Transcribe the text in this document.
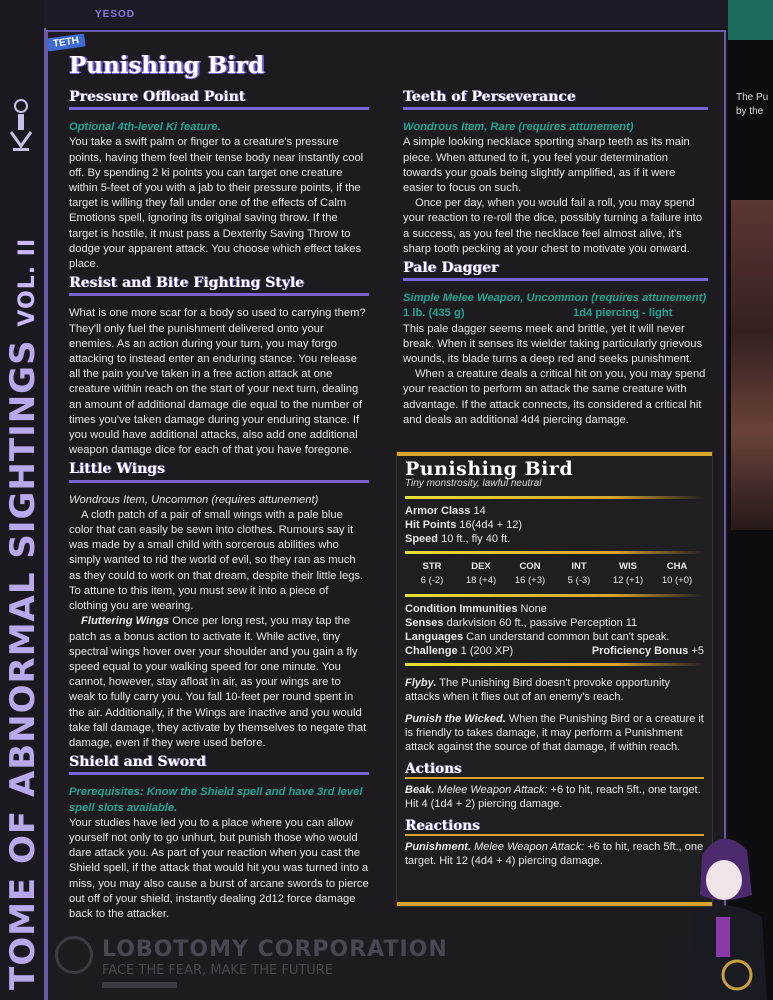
TOME OF ABNORMAL SIGHTINGS VOL. II
YESOD
The Pu
by the
TETH
Punishing Bird
Pressure Offload Point

Optional 4th-level Ki feature.

You take a swift palm or finger to a creature's pressure points, having them feel their tense body near instantly cool off. By spending 2 ki points you can target one creature within 5-feet of you with a jab to their pressure points, if the target is willing they fall under one of the effects of Calm Emotions spell, ignoring its original saving throw. If the target is hostile, it must pass a Dexterity Saving Throw to dodge your apparent attack. You choose which effect takes place.

Resist and Bite Fighting Style

What is one more scar for a body so used to carrying them? They'll only fuel the punishment delivered onto your enemies. As an action during your turn, you may forgo attacking to instead enter an enduring stance. You release all the pain you've taken in a free action attack at one creature within reach on the start of your next turn, dealing an amount of additional damage die equal to the number of times you've taken damage during your enduring stance. If you would have additional attacks, also add one additional weapon damage dice for each of that you have foregone.

Little Wings

Wondrous Item, Uncommon (requires attunement)

A cloth patch of a pair of small wings with a pale blue color that can easily be sewn into clothes. Rumours say it was made by a small child with sorcerous abilities who simply wanted to rid the world of evil, so they ran as much as they could to work on that dream, despite their little legs. To attune to this item, you must sew it into a piece of clothing you are wearing.

Fluttering Wings Once per long rest, you may tap the patch as a bonus action to activate it. While active, tiny spectral wings hover over your shoulder and you gain a fly speed equal to your walking speed for one minute. You cannot, however, stay afloat in air, as your wings are to weak to fully carry you. You fall 10-feet per round spent in the air. Additionally, if the Wings are inactive and you would take fall damage, they activate by themselves to negate that damage, even if they were used before.

Shield and Sword

Prerequisites: Know the Shield spell and have 3rd level spell slots available.

Your studies have led you to a place where you can allow yourself not only to go unhurt, but punish those who would dare attack you. As part of your reaction when you cast the Shield spell, if the attack that would hit you was turned into a miss, you may also cause a burst of arcane swords to pierce out off of your shield, instantly dealing 2d12 force damage back to the attacker.

Teeth of Perseverance

Wondrous Item, Rare (requires attunement)

A simple looking necklace sporting sharp teeth as its main piece. When attuned to it, you feel your determination towards your goals being slightly amplified, as if it were easier to focus on such.

Once per day, when you would fail a roll, you may spend your reaction to re-roll the dice, possibly turning a failure into a success, as you feel the necklace feel almost alive, it's sharp tooth pecking at your chest to motivate you onward.

Pale Dagger

Simple Melee Weapon, Uncommon (requires attunement)

1 lb. (435 g)	1d4 piercing - light

This pale dagger seems meek and brittle, yet it will never break. When it senses its wielder taking particularly grievous wounds, its blade turns a deep red and seeks punishment.

When a creature deals a critical hit on you, you may spend your reaction to perform an attack the same creature with advantage. If the attack connects, its considered a critical hit and deals an additional 4d4 piercing damage.

Punishing Bird
Tiny monstrosity, lawful neutral
Armor Class 14
Hit Points 16(4d4 + 12)
Speed 10 ft., fly 40 ft.
STR
6 (-2)
DEX
18 (+4)
CON
16 (+3)
INT
5 (-3)
WIS
12 (+1)
CHA
10 (+0)
Condition Immunities None
Senses darkvision 60 ft., passive Perception 11
Languages Can understand common but can't speak.
Challenge 1 (200 XP)	Proficiency Bonus +5

Flyby. The Punishing Bird doesn't provoke opportunity attacks when it flies out of an enemy's reach.

Punish the Wicked. When the Punishing Bird or a creature it is friendly to takes damage, it may perform a Punishment attack against the source of that damage, if within reach.

Actions

Beak. Melee Weapon Attack: +6 to hit, reach 5ft., one target. Hit 4 (1d4 + 2) piercing damage.

Reactions

Punishment. Melee Weapon Attack: +6 to hit, reach 5ft., one target. Hit 12 (4d4 + 4) piercing damage.

LOBOTOMY CORPORATION
FACE THE FEAR, MAKE THE FUTURE
